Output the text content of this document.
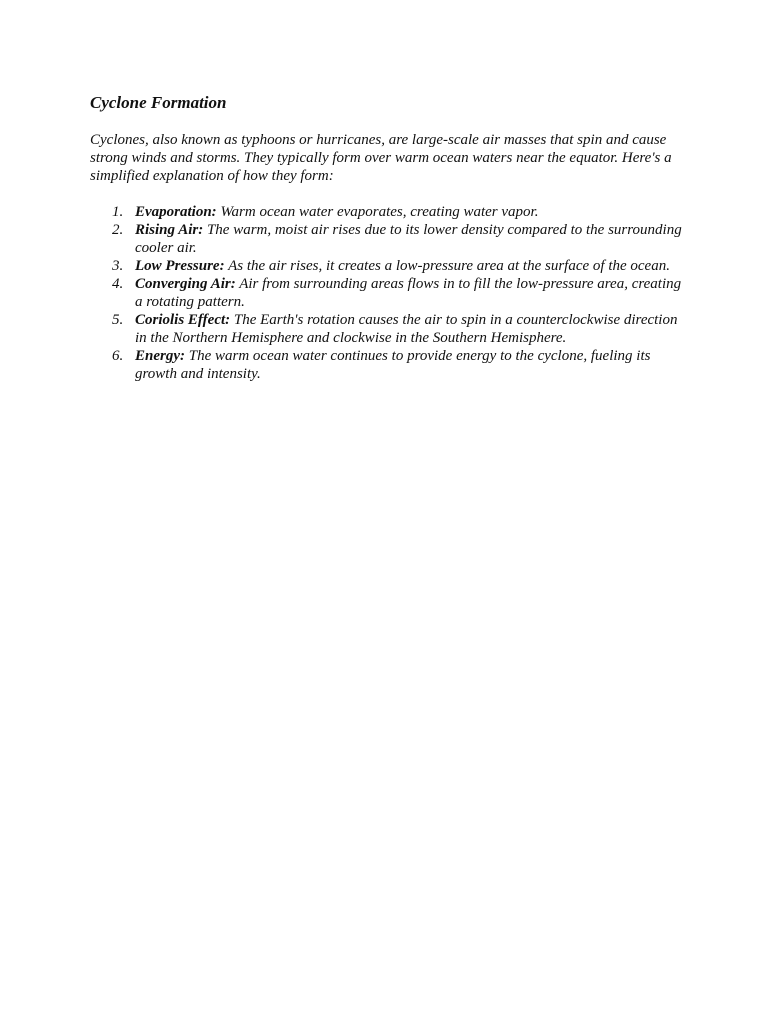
Cyclone Formation

Cyclones, also known as typhoons or hurricanes, are large-scale air masses that spin and cause strong winds and storms. They typically form over warm ocean waters near the equator. Here's a simplified explanation of how they form:

1. Evaporation: Warm ocean water evaporates, creating water vapor.
2. Rising Air: The warm, moist air rises due to its lower density compared to the surrounding cooler air.
3. Low Pressure: As the air rises, it creates a low-pressure area at the surface of the ocean.
4. Converging Air: Air from surrounding areas flows in to fill the low-pressure area, creating a rotating pattern.
5. Coriolis Effect: The Earth's rotation causes the air to spin in a counterclockwise direction in the Northern Hemisphere and clockwise in the Southern Hemisphere.
6. Energy: The warm ocean water continues to provide energy to the cyclone, fueling its growth and intensity.
